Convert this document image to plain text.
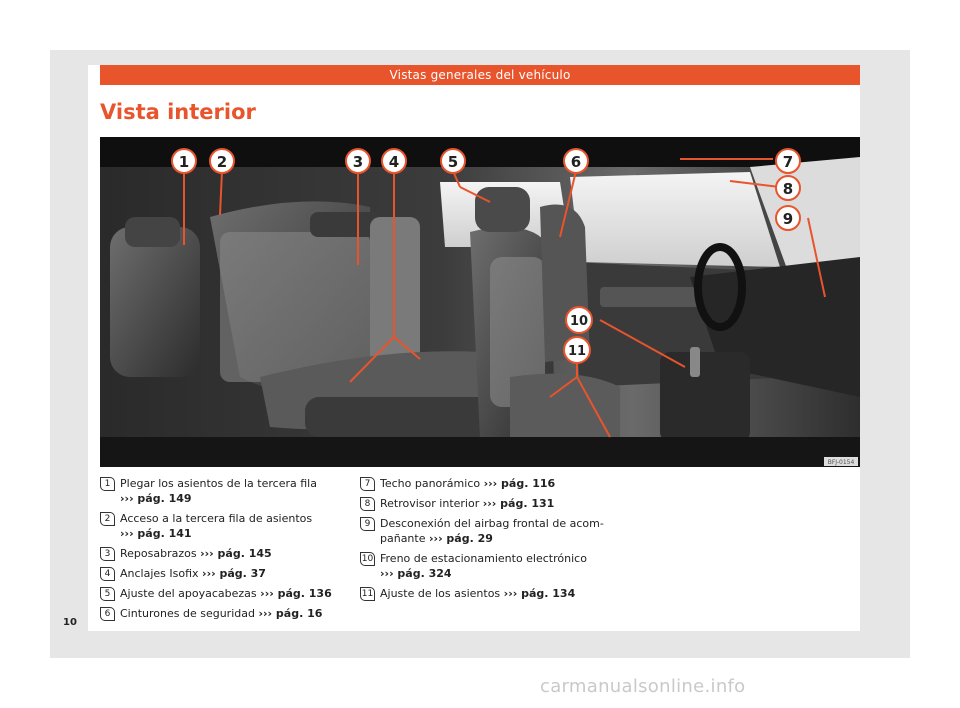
Vistas generales del vehículo
Vista interior
1 2	3 4	5	6	7
8
9
10
11
BFJ-0154
1 Plegar los asientos de la tercera fila
››› pág. 149
2 Acceso a la tercera fila de asientos
››› pág. 141
3 Reposabrazos ››› pág. 145
4 Anclajes Isofix ››› pág. 37
5 Ajuste del apoyacabezas ››› pág. 136
6 Cinturones de seguridad ››› pág. 16
7 Techo panorámico ››› pág. 116
8 Retrovisor interior ››› pág. 131
9 Desconexión del airbag frontal de acom-pañante ››› pág. 29
10 Freno de estacionamiento electrónico
››› pág. 324
11 Ajuste de los asientos ››› pág. 134
10
carmanualsonline.info
